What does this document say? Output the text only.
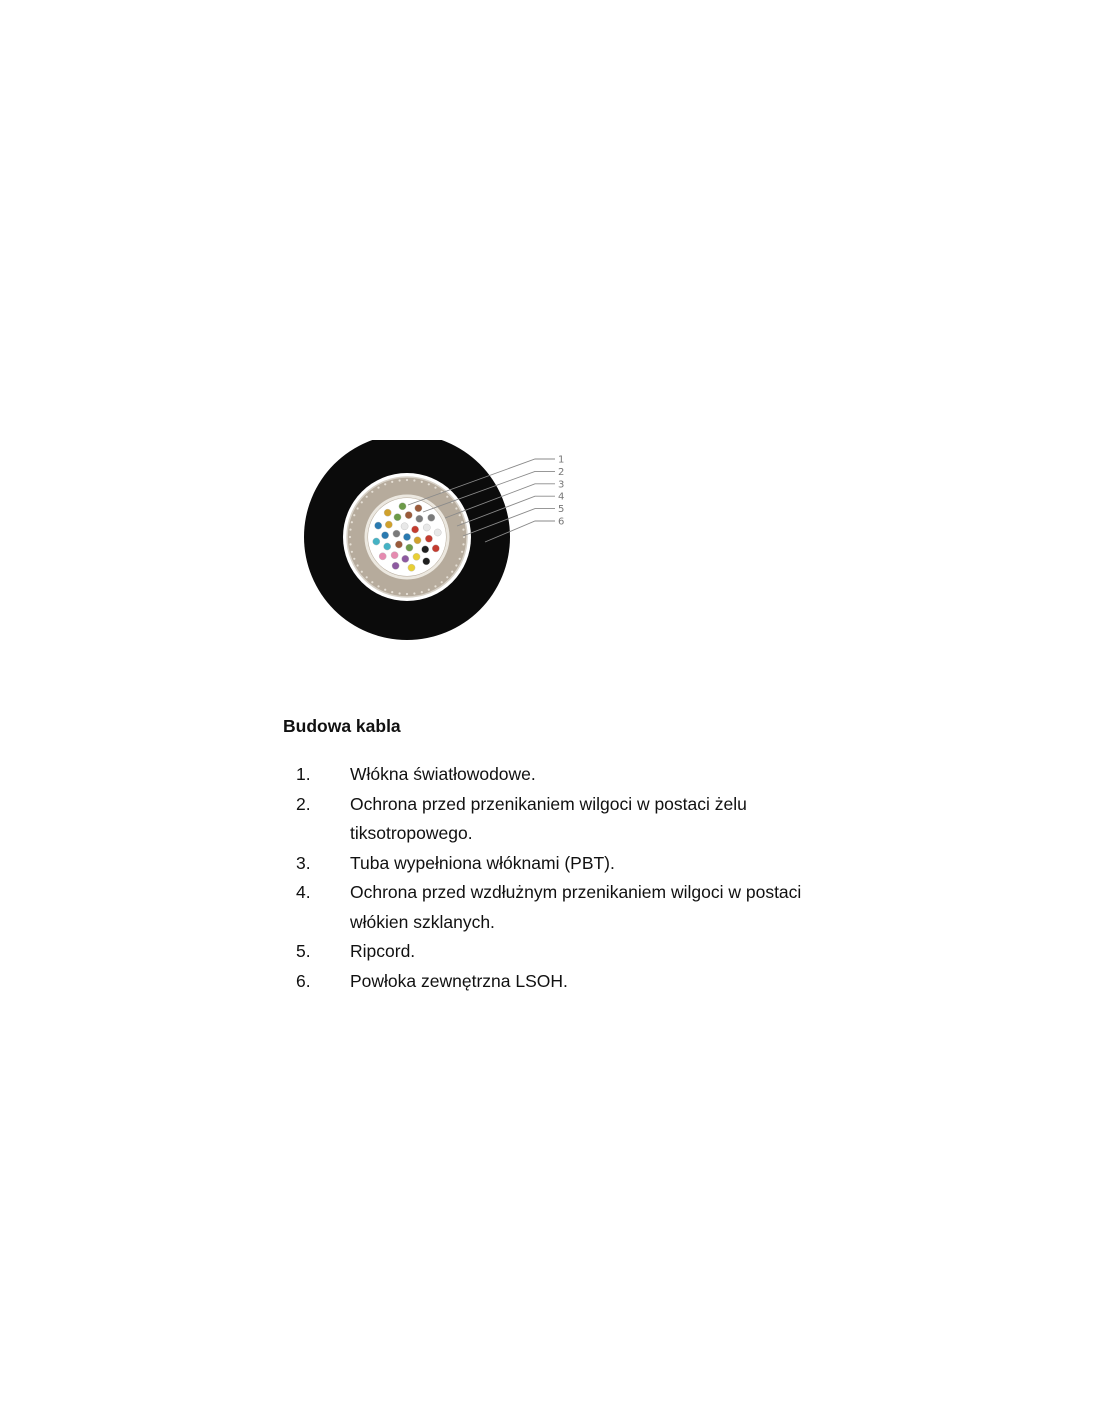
1
2
3
4
5
6
Budowa kabla
1.	Włókna światłowodowe.
2.	Ochrona przed przenikaniem wilgoci w postaci żelu tiksotropowego.
3.	Tuba wypełniona włóknami (PBT).
4.	Ochrona przed wzdłużnym przenikaniem wilgoci w postaci włókien szklanych.
5.	Ripcord.
6.	Powłoka zewnętrzna LSOH.
